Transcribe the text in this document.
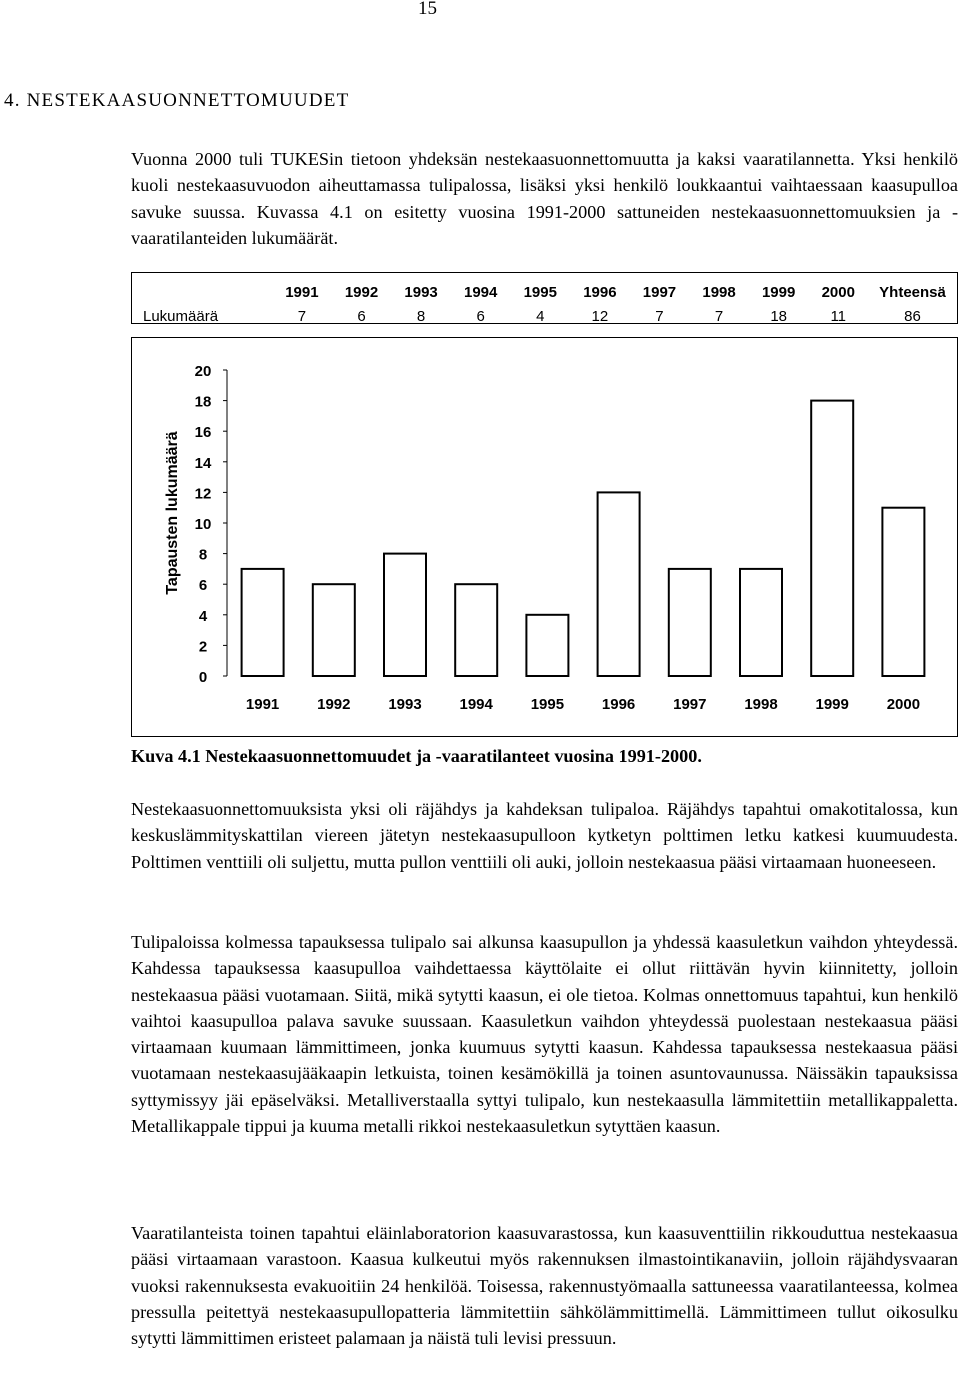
15
4. NESTEKAASUONNETTOMUUDET

Vuonna 2000 tuli TUKESin tietoon yhdeksän nestekaasuonnettomuutta ja kaksi vaaratilannetta. Yksi henkilö kuoli nestekaasuvuodon aiheuttamassa tulipalossa, lisäksi yksi henkilö loukkaantui vaihtaessaan kaasupulloa savuke suussa. Kuvassa 4.1 on esitetty vuosina 1991-2000 sattuneiden nestekaasuonnettomuuksien ja -vaaratilanteiden lukumäärät.

	1991	1992	1993	1994	1995	1996	1997	1998	1999	2000	Yhteensä
Lukumäärä	7	6	8	6	4	12	7	7	18	11	86
0
2
4
6
8
10
12
14
16
18
20
1991	1992	1993	1994	1995	1996	1997	1998	1999	2000
Tapausten lukumäärä
Kuva 4.1 Nestekaasuonnettomuudet ja -vaaratilanteet vuosina 1991-2000.

Nestekaasuonnettomuuksista yksi oli räjähdys ja kahdeksan tulipaloa. Räjähdys tapahtui omakotitalossa, kun keskuslämmityskattilan viereen jätetyn nestekaasupulloon kytketyn polttimen letku katkesi kuumuudesta. Polttimen venttiili oli suljettu, mutta pullon venttiili oli auki, jolloin nestekaasua pääsi virtaamaan huoneeseen.

Tulipaloissa kolmessa tapauksessa tulipalo sai alkunsa kaasupullon ja yhdessä kaasuletkun vaihdon yhteydessä. Kahdessa tapauksessa kaasupulloa vaihdettaessa käyttölaite ei ollut riittävän hyvin kiinnitetty, jolloin nestekaasua pääsi vuotamaan. Siitä, mikä sytytti kaasun, ei ole tietoa. Kolmas onnettomuus tapahtui, kun henkilö vaihtoi kaasupulloa palava savuke suussaan. Kaasuletkun vaihdon yhteydessä puolestaan nestekaasua pääsi virtaamaan kuumaan lämmittimeen, jonka kuumuus sytytti kaasun. Kahdessa tapauksessa nestekaasua pääsi vuotamaan nestekaasujääkaapin letkuista, toinen kesämökillä ja toinen asuntovaunussa. Näissäkin tapauksissa syttymissyy jäi epäselväksi. Metalliverstaalla syttyi tulipalo, kun nestekaasulla lämmitettiin metallikappaletta. Metallikappale tippui ja kuuma metalli rikkoi nestekaasuletkun sytyttäen kaasun.

Vaaratilanteista toinen tapahtui eläinlaboratorion kaasuvarastossa, kun kaasuventtiilin rikkouduttua nestekaasua pääsi virtaamaan varastoon. Kaasua kulkeutui myös rakennuksen ilmastointikanaviin, jolloin räjähdysvaaran vuoksi rakennuksesta evakuoitiin 24 henkilöä. Toisessa, rakennustyömaalla sattuneessa vaaratilanteessa, kolmea pressulla peitettyä nestekaasupullopatteria lämmitettiin sähkölämmittimellä. Lämmittimeen tullut oikosulku sytytti lämmittimen eristeet palamaan ja näistä tuli levisi pressuun.
